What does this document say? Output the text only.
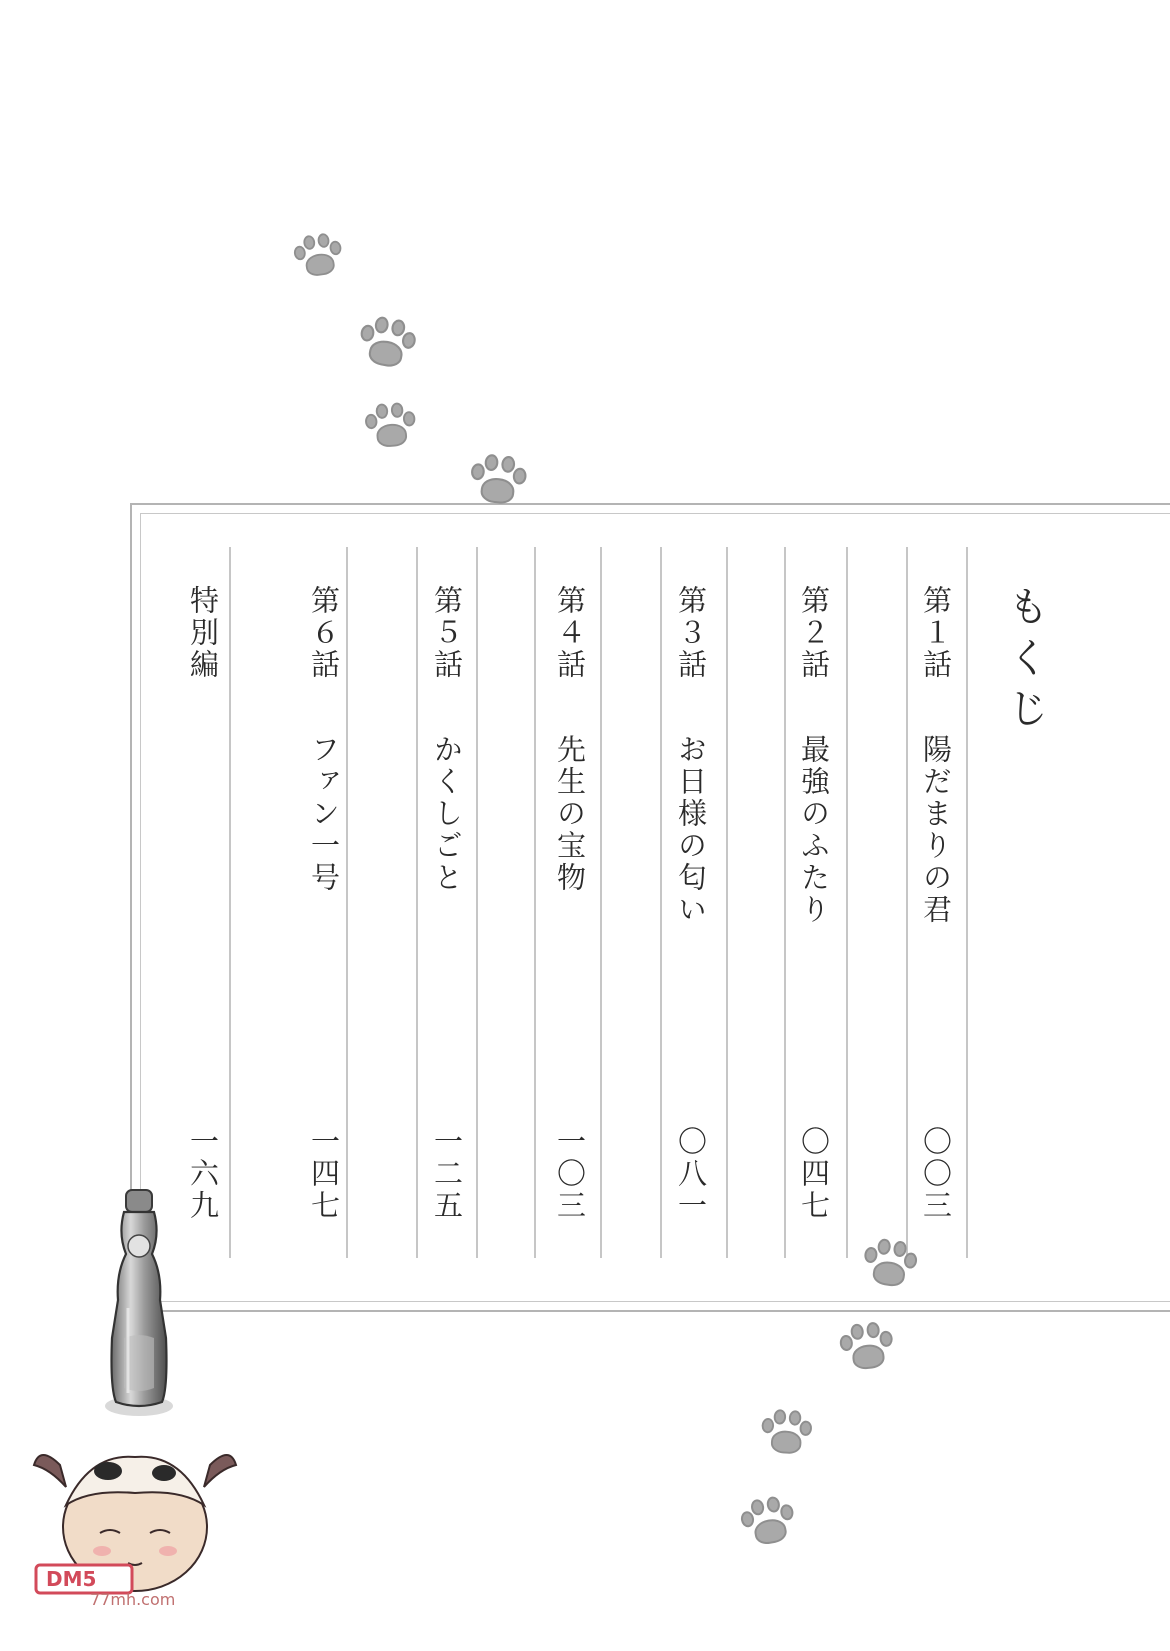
もくじ
第１話
陽だまりの君
〇〇三
第２話
最強のふたり
〇四七
第３話
お日様の匂い
〇八一
第４話
先生の宝物
一〇三
第５話
かくしごと
一二五
第６話
ファン一号
一四七
特別編
一六九
DM5
77mh.com
